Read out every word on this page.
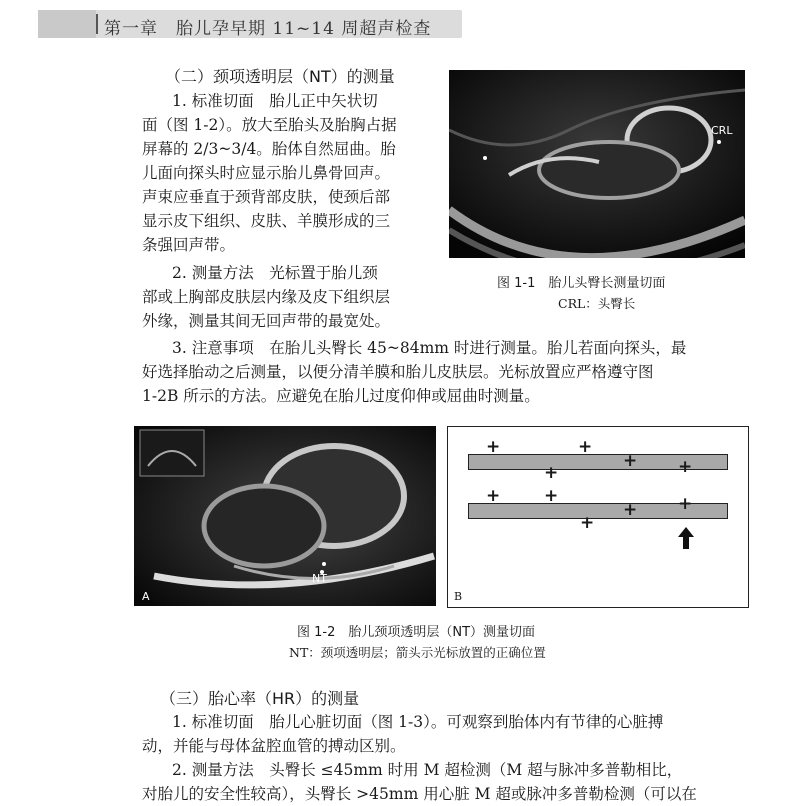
第一章　胎儿孕早期 11~14 周超声检查
（二）颈项透明层（NT）的测量

1. 标准切面　胎儿正中矢状切

面（图 1-2）。放大至胎头及胎胸占据

屏幕的 2/3~3/4。胎体自然屈曲。胎

儿面向探头时应显示胎儿鼻骨回声。

声束应垂直于颈背部皮肤，使颈后部

显示皮下组织、皮肤、羊膜形成的三

条强回声带。

2. 测量方法　光标置于胎儿颈

部或上胸部皮肤层内缘及皮下组织层

外缘，测量其间无回声带的最宽处。

CRL
图 1-1　胎儿头臀长测量切面
CRL：头臀长

3. 注意事项　在胎儿头臀长 45~84mm 时进行测量。胎儿若面向探头，最

好选择胎动之后测量，以便分清羊膜和胎儿皮肤层。光标放置应严格遵守图

1-2B 所示的方法。应避免在胎儿过度仰伸或屈曲时测量。

NT
A
+	+
+
+ +
+	+
+
+ +
B
图 1-2　胎儿颈项透明层（NT）测量切面
NT：颈项透明层；箭头示光标放置的正确位置
（三）胎心率（HR）的测量

1. 标准切面　胎儿心脏切面（图 1-3）。可观察到胎体内有节律的心脏搏

动，并能与母体盆腔血管的搏动区别。

2. 测量方法　头臀长 ≤45mm 时用 M 超检测（M 超与脉冲多普勒相比，

对胎儿的安全性较高），头臀长 >45mm 用心脏 M 超或脉冲多普勒检测（可以在
